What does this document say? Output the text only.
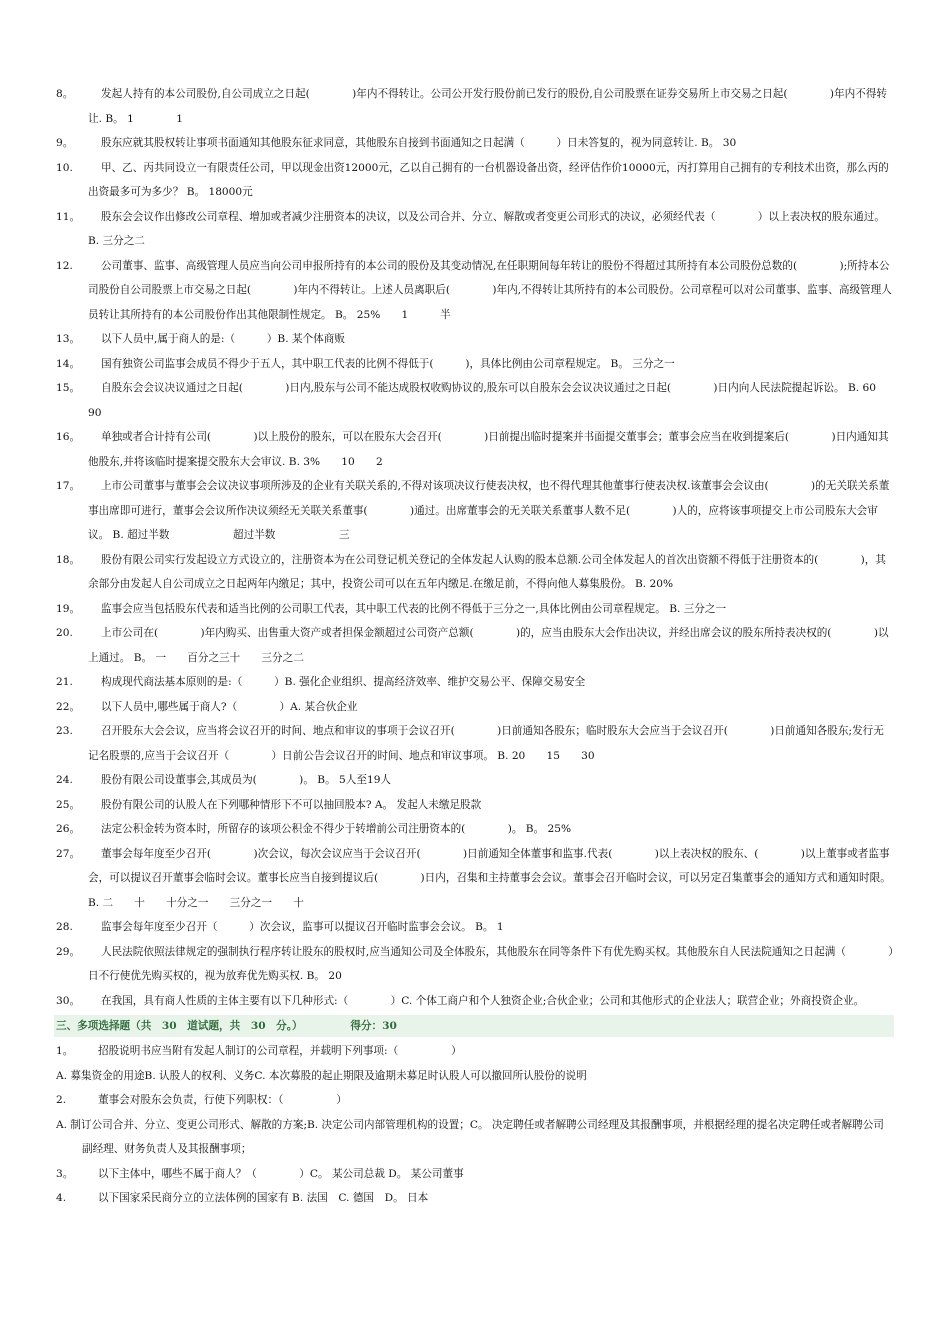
8。	发起人持有的本公司股份,自公司成立之日起(　　　　)年内不得转让。公司公开发行股份前已发行的股份,自公司股票在证券交易所上市交易之日起(　　　　)年内不得转让. B。 1　　　　1
9。	股东应就其股权转让事项书面通知其他股东征求同意，其他股东自接到书面通知之日起满（　　　）日未答复的，视为同意转让. B。 30
10.	甲、乙、丙共同设立一有限责任公司，甲以现金出资12000元，乙以自己拥有的一台机器设备出资，经评估作价10000元，丙打算用自己拥有的专利技术出资，那么丙的出资最多可为多少？ B。 18000元
11。	股东会会议作出修改公司章程、增加或者减少注册资本的决议，以及公司合并、分立、解散或者变更公司形式的决议，必须经代表（　　　　）以上表决权的股东通过。 B. 三分之二
12.	公司董事、监事、高级管理人员应当向公司申报所持有的本公司的股份及其变动情况,在任职期间每年转让的股份不得超过其所持有本公司股份总数的(　　　　);所持本公司股份自公司股票上市交易之日起(　　　　)年内不得转让。上述人员离职后(　　　　)年内,不得转让其所持有的本公司股份。公司章程可以对公司董事、监事、高级管理人员转让其所持有的本公司股份作出其他限制性规定。 B。 25%　　1　　　半
13。	以下人员中,属于商人的是:（　　　）B. 某个体商贩
14。	国有独资公司监事会成员不得少于五人，其中职工代表的比例不得低于(　　　)，具体比例由公司章程规定。 B。 三分之一
15。	自股东会会议决议通过之日起(　　　　)日内,股东与公司不能达成股权收购协议的,股东可以自股东会会议决议通过之日起(　　　　)日内向人民法院提起诉讼。 B. 60　　　90
16。	单独或者合计持有公司(　　　　)以上股份的股东，可以在股东大会召开(　　　　)日前提出临时提案并书面提交董事会；董事会应当在收到提案后(　　　　)日内通知其他股东,并将该临时提案提交股东大会审议. B. 3%　　10　　2
17。	上市公司董事与董事会会议决议事项所涉及的企业有关联关系的,不得对该项决议行使表决权，也不得代理其他董事行使表决权.该董事会会议由(　　　　)的无关联关系董事出席即可进行，董事会会议所作决议须经无关联关系董事(　　　　)通过。出席董事会的无关联关系董事人数不足(　　　　)人的，应将该事项提交上市公司股东大会审议。 B. 超过半数　　　　　　超过半数　　　　　　三
18。	股份有限公司实行发起设立方式设立的，注册资本为在公司登记机关登记的全体发起人认购的股本总额.公司全体发起人的首次出资额不得低于注册资本的(　　　　)，其余部分由发起人自公司成立之日起两年内缴足；其中，投资公司可以在五年内缴足.在缴足前，不得向他人募集股份。 B. 20%
19。	监事会应当包括股东代表和适当比例的公司职工代表，其中职工代表的比例不得低于三分之一,具体比例由公司章程规定。 B. 三分之一
20.	上市公司在(　　　　)年内购买、出售重大资产或者担保金额超过公司资产总额(　　　　)的，应当由股东大会作出决议，并经出席会议的股东所持表决权的(　　　　)以上通过。 B。 一　　百分之三十　　三分之二
21.	构成现代商法基本原则的是:（　　　）B. 强化企业组织、提高经济效率、维护交易公平、保障交易安全
22。	以下人员中,哪些属于商人?（　　　　）A. 某合伙企业
23.	召开股东大会会议，应当将会议召开的时间、地点和审议的事项于会议召开(　　　　)日前通知各股东；临时股东大会应当于会议召开(　　　　)日前通知各股东;发行无记名股票的,应当于会议召开（　　　　）日前公告会议召开的时间、地点和审议事项。 B. 20　　15　　30
24.	股份有限公司设董事会,其成员为(　　　　)。 B。 5人至19人
25。	股份有限公司的认股人在下列哪种情形下不可以抽回股本? A。 发起人未缴足股款
26。	法定公积金转为资本时，所留存的该项公积金不得少于转增前公司注册资本的(　　　　)。 B。 25%
27。	董事会每年度至少召开(　　　　)次会议，每次会议应当于会议召开(　　　　)日前通知全体董事和监事.代表(　　　　)以上表决权的股东、(　　　　)以上董事或者监事会，可以提议召开董事会临时会议。董事长应当自接到提议后(　　　　)日内，召集和主持董事会会议。董事会召开临时会议，可以另定召集董事会的通知方式和通知时限。 B. 二　　十　　十分之一　　三分之一　　十
28.	监事会每年度至少召开（　　　）次会议，监事可以提议召开临时监事会会议。 B。 1
29。	人民法院依照法律规定的强制执行程序转让股东的股权时,应当通知公司及全体股东，其他股东在同等条件下有优先购买权。其他股东自人民法院通知之日起满（　　　　）日不行使优先购买权的，视为放弃优先购买权. B。 20
30。	在我国，具有商人性质的主体主要有以下几种形式:（　　　　）C. 个体工商户和个人独资企业;合伙企业；公司和其他形式的企业法人；联营企业；外商投资企业。
三、多项选择题（共　30　道试题，共　30　分。）　　　　　得分：30
1。 招股说明书应当附有发起人制订的公司章程，并载明下列事项:（　　　　　）
A. 募集资金的用途B. 认股人的权利、义务C. 本次募股的起止期限及逾期未募足时认股人可以撤回所认股份的说明
2.	董事会对股东会负责，行使下列职权：（　　　　　）
A. 制订公司合并、分立、变更公司形式、解散的方案;B. 决定公司内部管理机构的设置；C。 决定聘任或者解聘公司经理及其报酬事项，并根据经理的提名决定聘任或者解聘公司副经理、财务负责人及其报酬事项；
3。 以下主体中，哪些不属于商人？（　　　　）C。 某公司总裁 D。 某公司董事
4.	以下国家采民商分立的立法体例的国家有 B. 法国　C. 德国　D。 日本
